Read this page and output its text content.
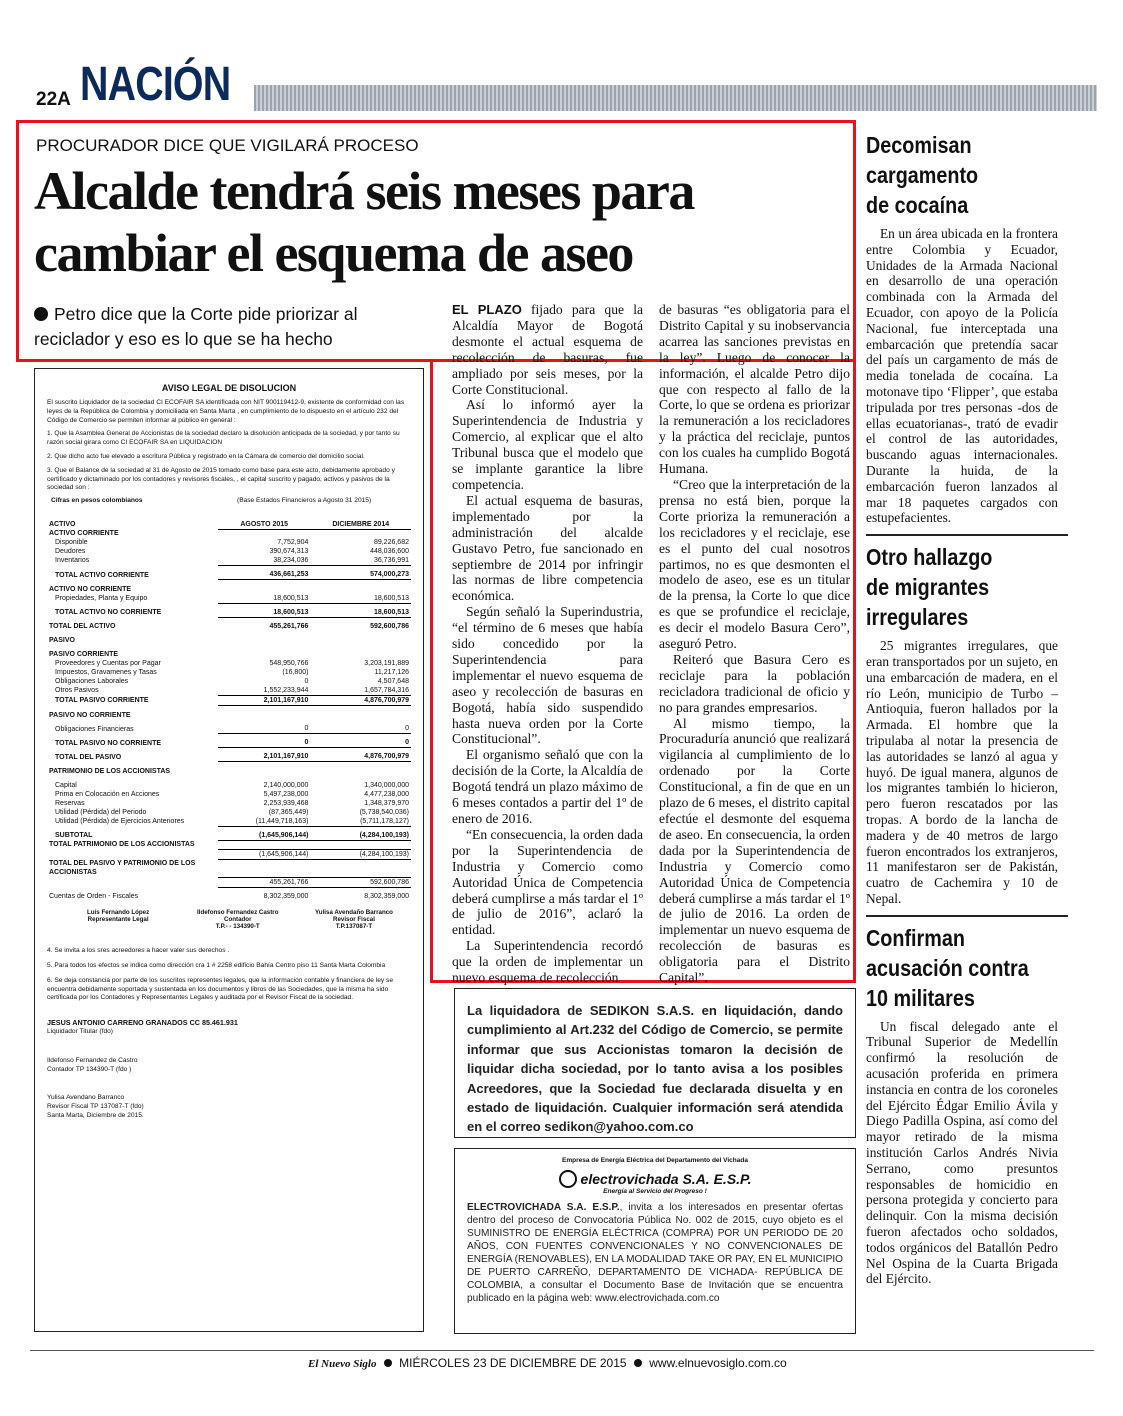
22A NACIÓN
PROCURADOR DICE QUE VIGILARÁ PROCESO
Alcalde tendrá seis meses para
cambiar el esquema de aseo
Petro dice que la Corte pide priorizar al
reciclador y eso es lo que se ha hecho

EL PLAZO fijado para que la Alcaldía Mayor de Bogotá desmonte el actual esquema de recolección de basuras, fue ampliado por seis meses, por la Corte Constitucional.

Así lo informó ayer la Superintendencia de Industria y Comercio, al explicar que el alto Tribunal busca que el modelo que se implante garantice la libre competencia.

El actual esquema de basuras, implementado por la administración del alcalde Gustavo Petro, fue sancionado en septiembre de 2014 por infringir las normas de libre competencia económica.

Según señaló la Superindustria, “el término de 6 meses que había sido concedido por la Superintendencia para implementar el nuevo esquema de aseo y recolección de basuras en Bogotá, había sido suspendido hasta nueva orden por la Corte Constitucional”.

El organismo señaló que con la decisión de la Corte, la Alcaldía de Bogotá tendrá un plazo máximo de 6 meses contados a partir del 1º de enero de 2016.

“En consecuencia, la orden dada por la Superintendencia de Industria y Comercio como Autoridad Única de Competencia deberá cumplirse a más tardar el 1º de julio de 2016”, aclaró la entidad.

La Superintendencia recordó que la orden de implementar un nuevo esquema de recolección

de basuras “es obligatoria para el Distrito Capital y su inobservancia acarrea las sanciones previstas en la ley”. Luego de conocer la información, el alcalde Petro dijo que con respecto al fallo de la Corte, lo que se ordena es priorizar la remuneración a los recicladores y la práctica del reciclaje, puntos con los cuales ha cumplido Bogotá Humana.

“Creo que la interpretación de la prensa no está bien, porque la Corte prioriza la remuneración a los recicladores y el reciclaje, ese es el punto del cual nosotros partimos, no es que desmonten el modelo de aseo, ese es un titular de la prensa, la Corte lo que dice es que se profundice el reciclaje, es decir el modelo Basura Cero”, aseguró Petro.

Reiteró que Basura Cero es reciclaje para la población recicladora tradicional de oficio y no para grandes empresarios.

Al mismo tiempo, la Procuraduría anunció que realizará vigilancia al cumplimiento de lo ordenado por la Corte Constitucional, a fin de que en un plazo de 6 meses, el distrito capital efectúe el desmonte del esquema de aseo. En consecuencia, la orden dada por la Superintendencia de Industria y Comercio como Autoridad Única de Competencia deberá cumplirse a más tardar el 1º de julio de 2016. La orden de implementar un nuevo esquema de recolección de basuras es obligatoria para el Distrito Capital”.

AVISO LEGAL DE DISOLUCION

El suscrito Liquidador de la sociedad CI ECOFAIR SA identificada con NIT 900119412-9, existente de conformidad con las leyes de la República de Colombia y domiciliada en Santa Marta , en cumplimiento de lo dispuesto en el artículo 232 del Código de Comercio se permiten informar al público en general :

1. Que la Asamblea General de Accionistas de la sociedad declaro la disolución anticipada de la sociedad, y por tanto su razón social girara como CI ECOFAIR SA en LIQUIDACION

2. Que dicho acto fue elevado a escritura Pública y registrado en la Cámara de comercio del domicilio social.

3. Que el Balance de la sociedad al 31 de Agosto de 2015 tomado como base para este acto, debidamente aprobado y certificado y dictaminado por los contadores y revisores fiscales, , el capital suscrito y pagado, activos y pasivos de la sociedad son :

Cifras en pesos colombianos	(Base Estados Financieros a Agosto 31 2015)
ACTIVO	AGOSTO 2015	DICIEMBRE 2014
ACTIVO CORRIENTE		
Disponible	7,752,904	89,226,682
Deudores	390,674,313	448,036,600
Inventarios	38,234,036	36,736,991
TOTAL ACTIVO CORRIENTE	436,661,253	574,000,273
ACTIVO NO CORRIENTE		
Propiedades, Planta y Equipo	18,600,513	18,600,513
TOTAL ACTIVO NO CORRIENTE	18,600,513	18,600,513
TOTAL DEL ACTIVO	455,261,766	592,600,786
PASIVO		
PASIVO CORRIENTE		
Proveedores y Cuentas por Pagar	548,950,766	3,203,191,889
Impuestos, Gravamenes y Tasas	(16,800)	11,217,126
Obligaciones Laborales	0	4,507,648
Otros Pasivos	1,552,233,944	1,657,784,316
TOTAL PASIVO CORRIENTE	2,101,167,910	4,876,700,979
PASIVO NO CORRIENTE		
Obligaciones Financieras	0	0
TOTAL PASIVO NO CORRIENTE	0	0
TOTAL DEL PASIVO	2,101,167,910	4,876,700,979
PATRIMONIO DE LOS ACCIONISTAS		
Capital	2,140,000,000	1,340,000,000
Prima en Colocación en Acciones	5,497,238,000	4,477,238,000
Reservas	2,253,939,468	1,348,379,970
Utilidad (Pérdida) del Periodo	(87,365,449)	(5,738,540,036)
Utilidad (Pérdida) de Ejercicios Anteriores	(11,449,718,163)	(5,711,178,127)
SUBTOTAL	(1,645,906,144)	(4,284,100,193)
TOTAL PATRIMONIO DE LOS ACCIONISTAS		
	(1,645,906,144)	(4,284,100,193)
TOTAL DEL PASIVO Y PATRIMONIO DE LOS ACCIONISTAS		
	455,261,766	592,600,786
Cuentas de Orden - Fiscales	8,302,359,000	8,302,359,000
Luis Fernando López
Representante Legal
Ildefonso Fernandez Castro
Contador
T.P.- - 134390-T
Yulisa Avendaño Barranco
Revisor Fiscal
T.P.137087-T

4. Se invita a los sres acreedores a hacer valer sus derechos .

5. Para todos los efectos se indica como dirección cra 1 # 2258 edificio Bahía Centro piso 11 Santa Marta Colombia

6. Se deja constancia por parte de los suscritos representes legales, que la información contable y financiera de ley se encuentra debidamente soportada y sustentada en los documentos y libros de las Sociedades, que la misma ha sido certificada por los Contadores y Representantes Legales y auditada por el Revisor Fiscal de la sociedad.

JESUS ANTONIO CARRENO GRANADOS CC 85.461.931

Liquidador Titular (fdo)

Ildefonso Fernandez de Castro

Contador TP 134390-T (fdo )

Yulisa Avendano Barranco

Revisor Fiscal TP 137087-T (fdo)

Santa Marta, Diciembre de 2015.

La liquidadora de SEDIKON S.A.S. en liquidación, dando cumplimiento al Art.232 del Código de Comercio, se permite informar que sus Accionistas tomaron la decisión de liquidar dicha sociedad, por lo tanto avisa a los posibles Acreedores, que la Sociedad fue declarada disuelta y en estado de liquidación. Cualquier información será atendida en el correo sedikon@yahoo.com.co
Empresa de Energía Eléctrica del Departamento del Vichada
electrovichada S.A. E.S.P.
Energía al Servicio del Progreso !
ELECTROVICHADA S.A. E.S.P., invita a los interesados en presentar ofertas dentro del proceso de Convocatoria Pública No. 002 de 2015, cuyo objeto es el SUMINISTRO DE ENERGÍA ELÉCTRICA (COMPRA) POR UN PERIODO DE 20 AÑOS, CON FUENTES CONVENCIONALES Y NO CONVENCIONALES DE ENERGÍA (RENOVABLES), EN LA MODALIDAD TAKE OR PAY, EN EL MUNICIPIO DE PUERTO CARREÑO, DEPARTAMENTO DE VICHADA- REPÚBLICA DE COLOMBIA, a consultar el Documento Base de Invitación que se encuentra publicado en la página web: www.electrovichada.com.co
Decomisan
cargamento
de cocaína

En un área ubicada en la frontera entre Colombia y Ecuador, Unidades de la Armada Nacional en desarrollo de una operación combinada con la Armada del Ecuador, con apoyo de la Policía Nacional, fue interceptada una embarcación que pretendía sacar del país un cargamento de más de media tonelada de cocaína. La motonave tipo ‘Flipper’, que estaba tripulada por tres personas -dos de ellas ecuatorianas-, trató de evadir el control de las autoridades, buscando aguas internacionales. Durante la huida, de la embarcación fueron lanzados al mar 18 paquetes cargados con estupefacientes.

Otro hallazgo
de migrantes
irregulares

25 migrantes irregulares, que eran transportados por un sujeto, en una embarcación de madera, en el río León, municipio de Turbo – Antioquia, fueron hallados por la Armada. El hombre que la tripulaba al notar la presencia de las autoridades se lanzó al agua y huyó. De igual manera, algunos de los migrantes también lo hicieron, pero fueron rescatados por las tropas. A bordo de la lancha de madera y de 40 metros de largo fueron encontrados los extranjeros, 11 manifestaron ser de Pakistán, cuatro de Cachemira y 10 de Nepal.

Confirman
acusación contra
10 militares

Un fiscal delegado ante el Tribunal Superior de Medellín confirmó la resolución de acusación proferida en primera instancia en contra de los coroneles del Ejército Édgar Emilio Ávila y Diego Padilla Ospina, así como del mayor retirado de la misma institución Carlos Andrés Nivia Serrano, como presuntos responsables de homicidio en persona protegida y concierto para delinquir. Con la misma decisión fueron afectados ocho soldados, todos orgánicos del Batallón Pedro Nel Ospina de la Cuarta Brigada del Ejército.

El Nuevo Siglo MIÉRCOLES 23 DE DICIEMBRE DE 2015 www.elnuevosiglo.com.co
